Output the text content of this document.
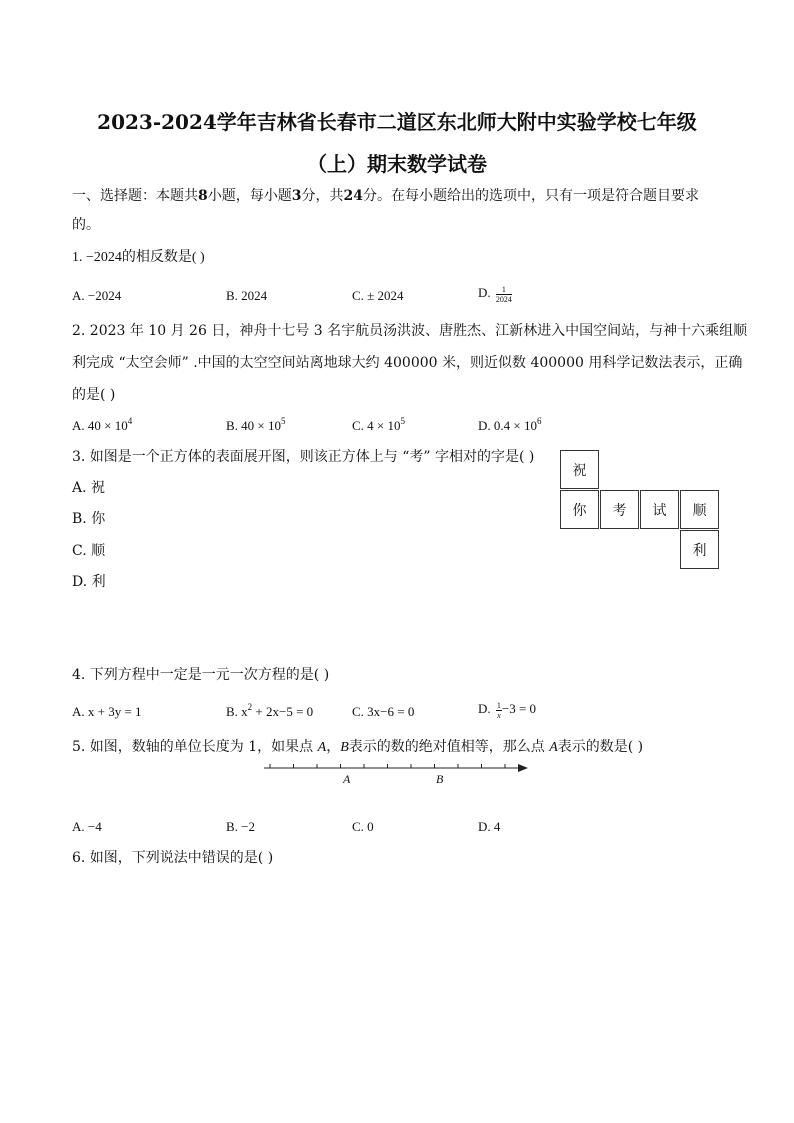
2023-2024学年吉林省长春市二道区东北师大附中实验学校七年级
（上）期末数学试卷
一、选择题：本题共8小题，每小题3分，共24分。在每小题给出的选项中，只有一项是符合题目要求
的。
1. −2024的相反数是( )
A. −2024	B. 2024	C. ± 2024	D. $\frac{1}{2024}$
2. 2023 年 10 月 26 日，神舟十七号 3 名宇航员汤洪波、唐胜杰、江新林进入中国空间站，与神十六乘组顺
利完成 “太空会师” .中国的太空空间站离地球大约 400000 米，则近似数 400000 用科学记数法表示，正确
的是( )
A. $40 \times 10^4$	B. $40 \times 10^5$	C. $4 \times 10^5$	D. $0.4 \times 10^6$
3. 如图是一个正方体的表面展开图，则该正方体上与 “考” 字相对的字是( )
A. 祝
B. 你
C. 顺
D. 利
祝
你	考	试	顺
利
4. 下列方程中一定是一元一次方程的是( )
A. x + 3y = 1	B. $x^2 + 2x-5 = 0$	C. 3x−6 = 0	D. $\frac{1}{x} -3 = 0$
5. 如图，数轴的单位长度为 1，如果点 A，B表示的数的绝对值相等，那么点 A表示的数是( )
A	B
A. −4	B. −2	C. 0	D. 4
6. 如图，下列说法中错误的是( )
